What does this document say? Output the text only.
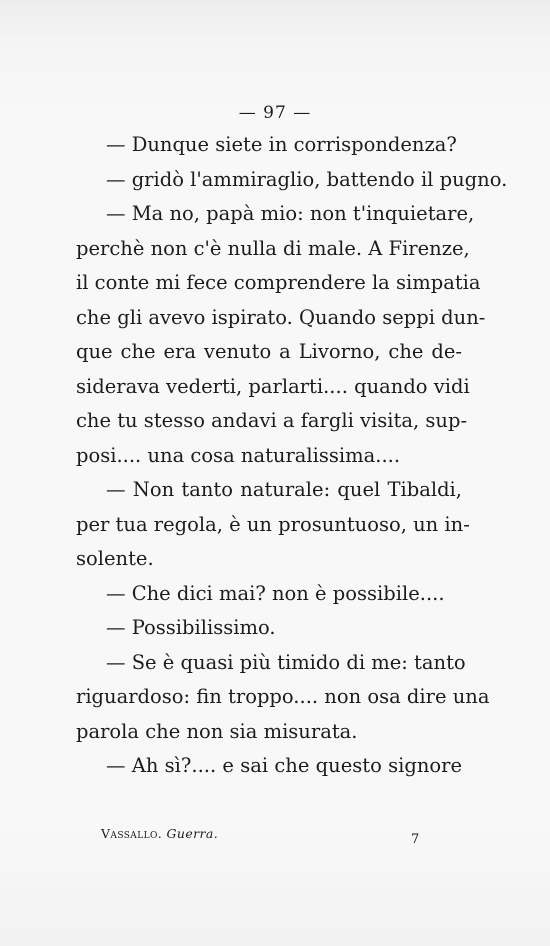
— 97 —
— Dunque siete in corrispondenza?
— gridò l'ammiraglio, battendo il pugno.
— Ma no, papà mio: non t'inquietare,
perchè non c'è nulla di male. A Firenze,
il conte mi fece comprendere la simpatia
che gli avevo ispirato. Quando seppi dun-
que che era venuto a Livorno, che de-
siderava vederti, parlarti.... quando vidi
che tu stesso andavi a fargli visita, sup-
posi.... una cosa naturalissima....
— Non tanto naturale: quel Tibaldi,
per tua regola, è un prosuntuoso, un in-
solente.
— Che dici mai? non è possibile....
— Possibilissimo.
— Se è quasi più timido di me: tanto
riguardoso: fin troppo.... non osa dire una
parola che non sia misurata.
— Ah sì?.... e sai che questo signore
Vassallo. Guerra.	7
